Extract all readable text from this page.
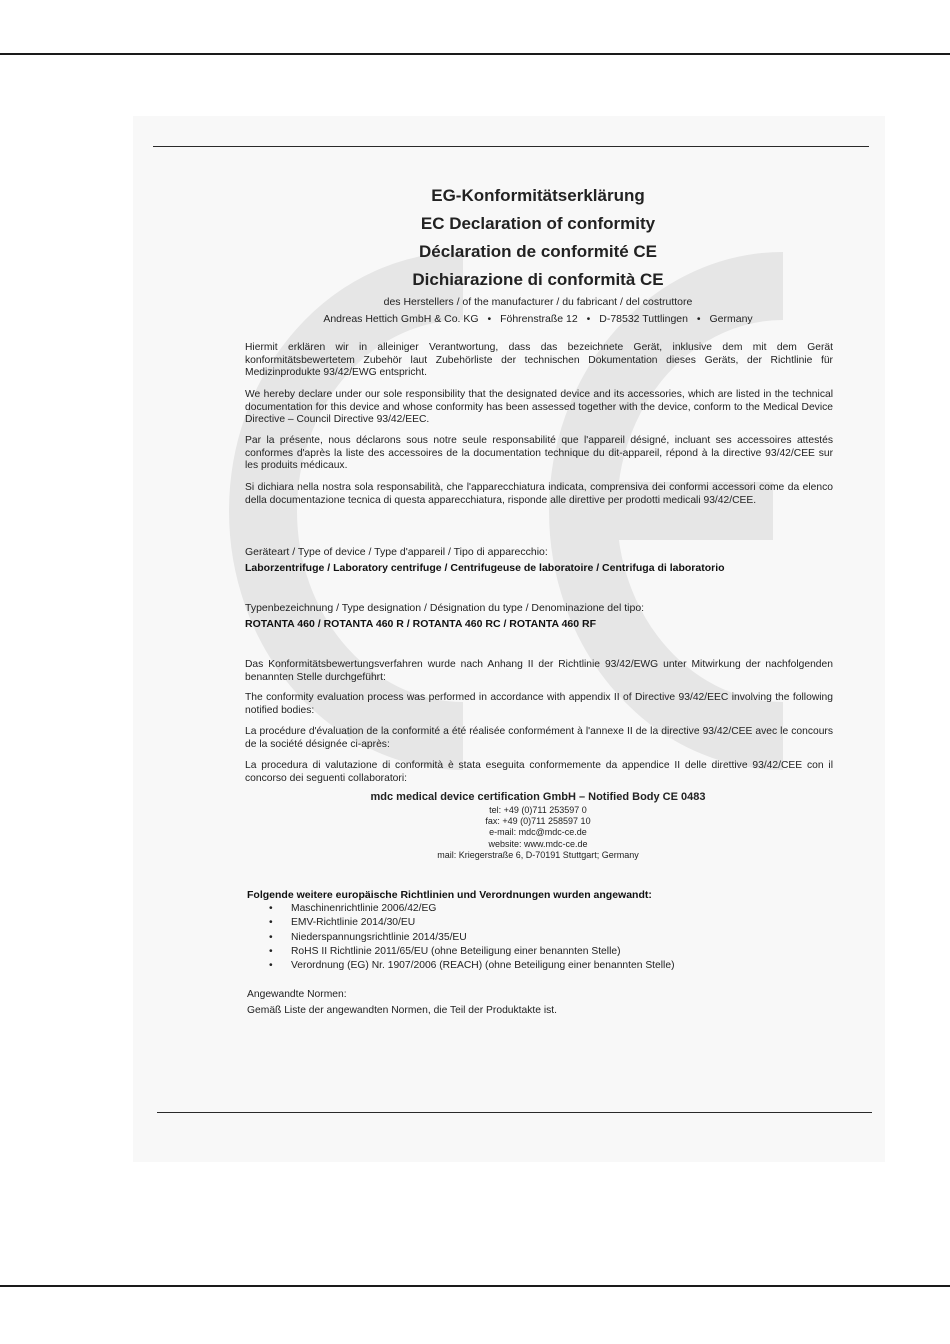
EG-Konformitätserklärung
EC Declaration of conformity
Déclaration de conformité CE
Dichiarazione di conformità CE
des Herstellers / of the manufacturer / du fabricant / del costruttore
Andreas Hettich GmbH & Co. KG • Föhrenstraße 12 • D-78532 Tuttlingen • Germany
Hiermit erklären wir in alleiniger Verantwortung, dass das bezeichnete Gerät, inklusive dem mit dem Gerät konformitätsbewertetem Zubehör laut Zubehörliste der technischen Dokumentation dieses Geräts, der Richtlinie für Medizinprodukte 93/42/EWG entspricht.
We hereby declare under our sole responsibility that the designated device and its accessories, which are listed in the technical documentation for this device and whose conformity has been assessed together with the device, conform to the Medical Device Directive – Council Directive 93/42/EEC.
Par la présente, nous déclarons sous notre seule responsabilité que l'appareil désigné, incluant ses accessoires attestés conformes d'après la liste des accessoires de la documentation technique du dit-appareil, répond à la directive 93/42/CEE sur les produits médicaux.
Si dichiara nella nostra sola responsabilità, che l'apparecchiatura indicata, comprensiva dei conformi accessori come da elenco della documentazione tecnica di questa apparecchiatura, risponde alle direttive per prodotti medicali 93/42/CEE.
Geräteart / Type of device / Type d'appareil / Tipo di apparecchio:
Laborzentrifuge / Laboratory centrifuge / Centrifugeuse de laboratoire / Centrifuga di laboratorio
Typenbezeichnung / Type designation / Désignation du type / Denominazione del tipo:
ROTANTA 460 / ROTANTA 460 R / ROTANTA 460 RC / ROTANTA 460 RF
Das Konformitätsbewertungsverfahren wurde nach Anhang II der Richtlinie 93/42/EWG unter Mitwirkung der nachfolgenden benannten Stelle durchgeführt:
The conformity evaluation process was performed in accordance with appendix II of Directive 93/42/EEC involving the following notified bodies:
La procédure d'évaluation de la conformité a été réalisée conformément à l'annexe II de la directive 93/42/CEE avec le concours de la société désignée ci-après:
La procedura di valutazione di conformità è stata eseguita conformemente da appendice II delle direttive 93/42/CEE con il concorso dei seguenti collaboratori:
mdc medical device certification GmbH – Notified Body CE 0483
tel: +49 (0)711 253597 0
fax: +49 (0)711 258597 10
e-mail: mdc@mdc-ce.de
website: www.mdc-ce.de
mail: Kriegerstraße 6, D-70191 Stuttgart; Germany
Folgende weitere europäische Richtlinien und Verordnungen wurden angewandt:
• Maschinenrichtlinie 2006/42/EG
• EMV-Richtlinie 2014/30/EU
• Niederspannungsrichtlinie 2014/35/EU
• RoHS II Richtlinie 2011/65/EU (ohne Beteiligung einer benannten Stelle)
• Verordnung (EG) Nr. 1907/2006 (REACH) (ohne Beteiligung einer benannten Stelle)
Angewandte Normen:
Gemäß Liste der angewandten Normen, die Teil der Produktakte ist.
